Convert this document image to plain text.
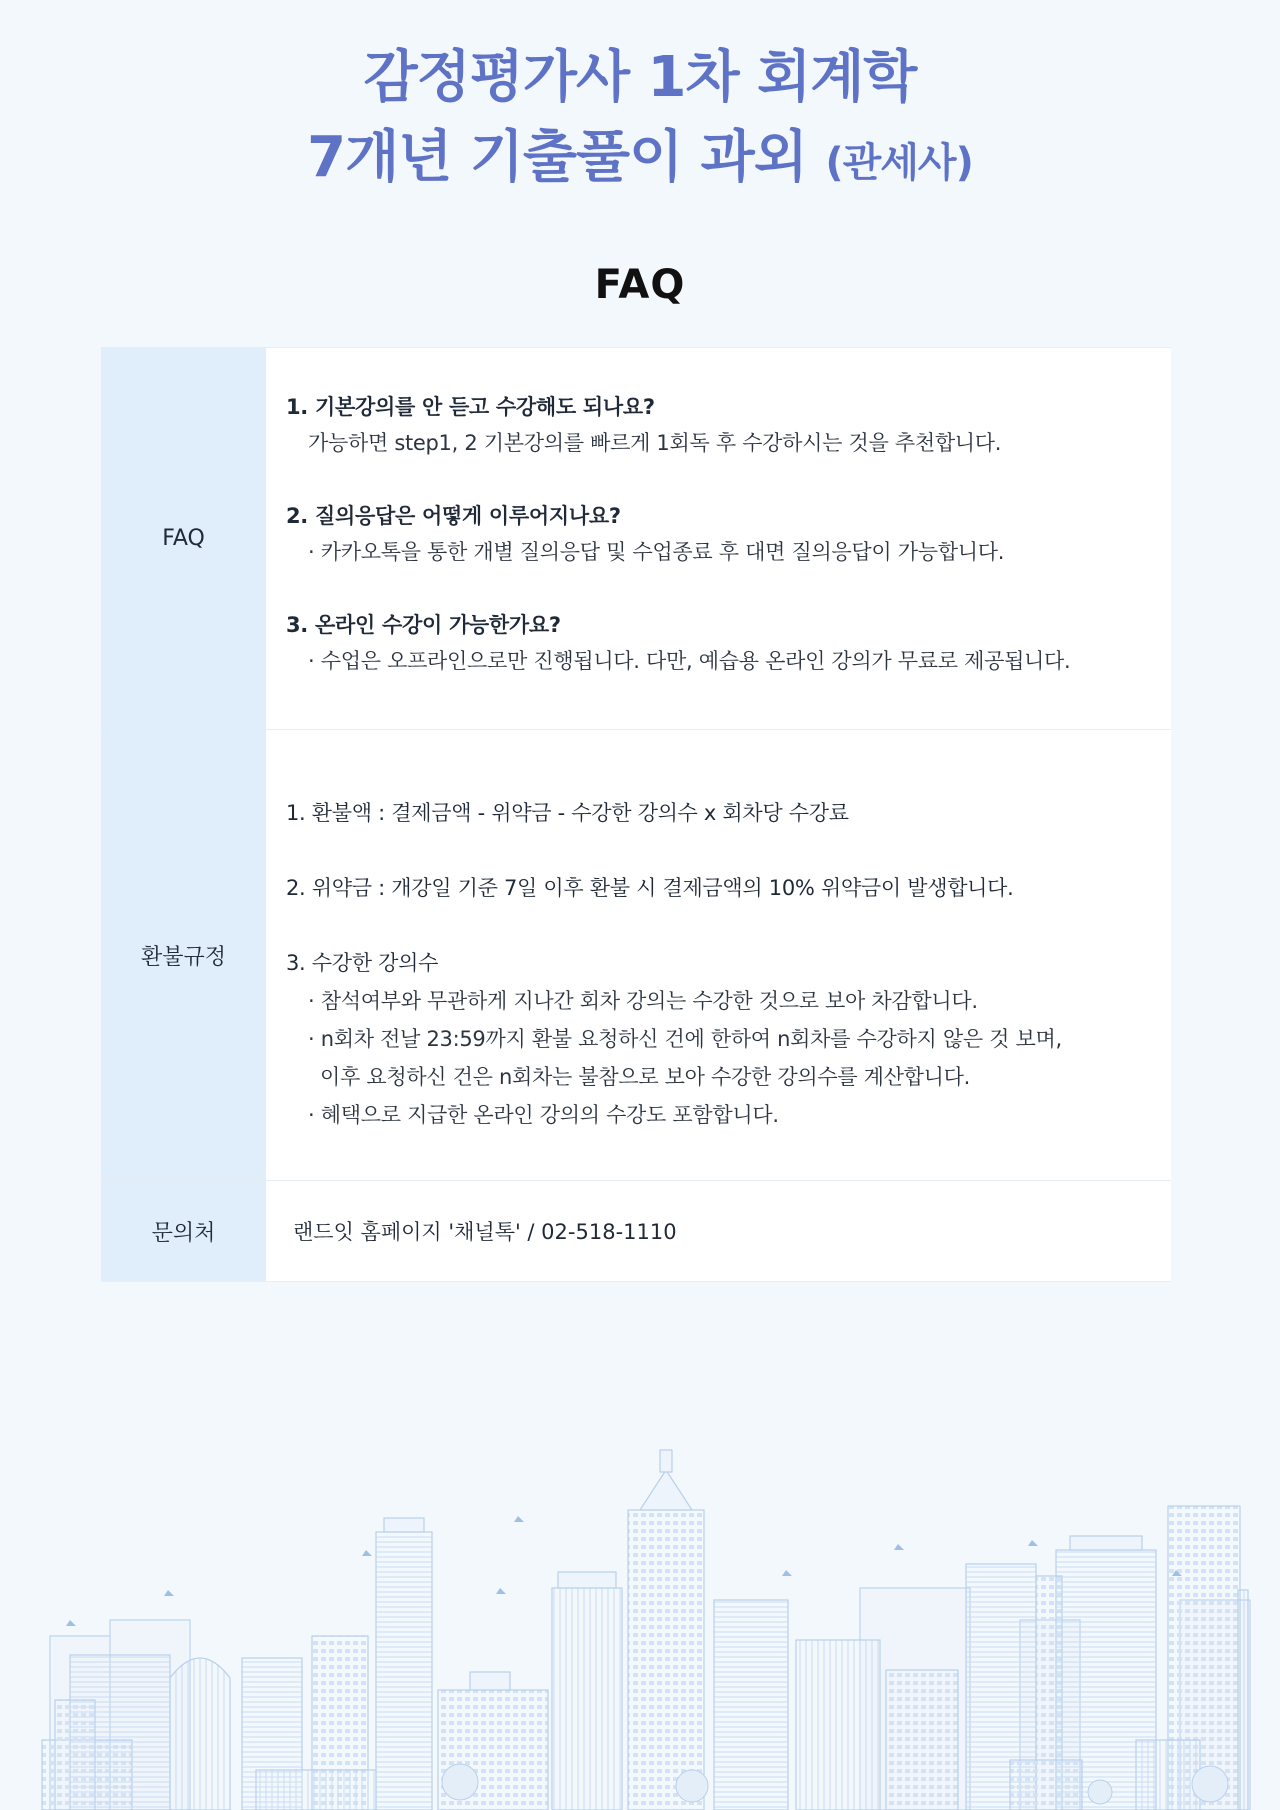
감정평가사 1차 회계학
7개년 기출풀이 과외 (관세사)
FAQ
FAQ
1. 기본강의를 안 듣고 수강해도 되나요?
가능하면 step1, 2 기본강의를 빠르게 1회독 후 수강하시는 것을 추천합니다.
2. 질의응답은 어떻게 이루어지나요?
· 카카오톡을 통한 개별 질의응답 및 수업종료 후 대면 질의응답이 가능합니다.
3. 온라인 수강이 가능한가요?
· 수업은 오프라인으로만 진행됩니다. 다만, 예습용 온라인 강의가 무료로 제공됩니다.
환불규정
1. 환불액 : 결제금액 - 위약금 - 수강한 강의수 x 회차당 수강료
2. 위약금 : 개강일 기준 7일 이후 환불 시 결제금액의 10% 위약금이 발생합니다.
3. 수강한 강의수
· 참석여부와 무관하게 지나간 회차 강의는 수강한 것으로 보아 차감합니다.
· n회차 전날 23:59까지 환불 요청하신 건에 한하여 n회차를 수강하지 않은 것 보며,
이후 요청하신 건은 n회차는 불참으로 보아 수강한 강의수를 계산합니다.
· 혜택으로 지급한 온라인 강의의 수강도 포함합니다.
문의처	랜드잇 홈페이지 '채널톡' / 02-518-1110
